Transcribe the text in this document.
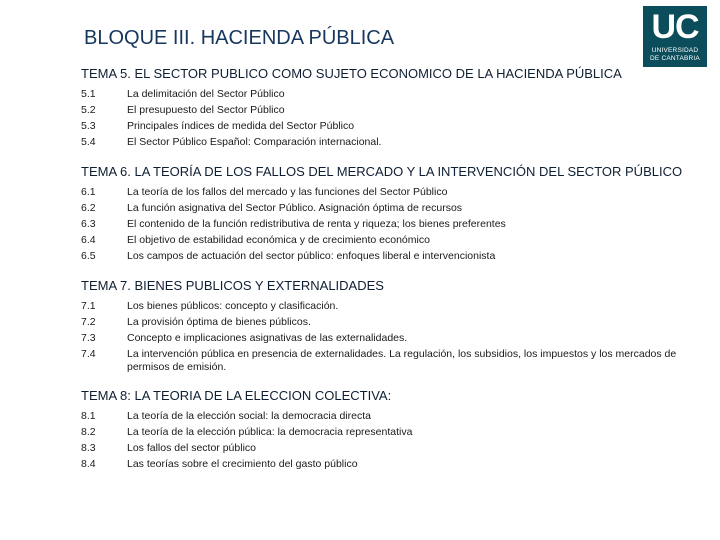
BLOQUE III. HACIENDA PÚBLICA	UC
UNIVERSIDAD
DE CANTABRIA
TEMA 5. EL SECTOR PUBLICO COMO SUJETO ECONOMICO DE LA HACIENDA PÚBLICA
5.1	La delimitación del Sector Público
5.2	El presupuesto del Sector Público
5.3	Principales índices de medida del Sector Público
5.4	El Sector Público Español: Comparación internacional.
TEMA 6. LA TEORÍA DE LOS FALLOS DEL MERCADO Y LA INTERVENCIÓN DEL SECTOR PÚBLICO
6.1	La teoría de los fallos del mercado y las funciones del Sector Público
6.2	La función asignativa del Sector Público. Asignación óptima de recursos
6.3	El contenido de la función redistributiva de renta y riqueza; los bienes preferentes
6.4	El objetivo de estabilidad económica y de crecimiento económico
6.5	Los campos de actuación del sector público: enfoques liberal e intervencionista
TEMA 7. BIENES PUBLICOS Y EXTERNALIDADES
7.1	Los bienes públicos: concepto y clasificación.
7.2	La provisión óptima de bienes públicos.
7.3	Concepto e implicaciones asignativas de las externalidades.
7.4	La intervención pública en presencia de externalidades. La regulación, los subsidios, los impuestos y los mercados de permisos de emisión.
TEMA 8: LA TEORIA DE LA ELECCION COLECTIVA:
8.1	La teoría de la elección social: la democracia directa
8.2	La teoría de la elección pública: la democracia representativa
8.3	Los fallos del sector público
8.4	Las teorías sobre el crecimiento del gasto público
